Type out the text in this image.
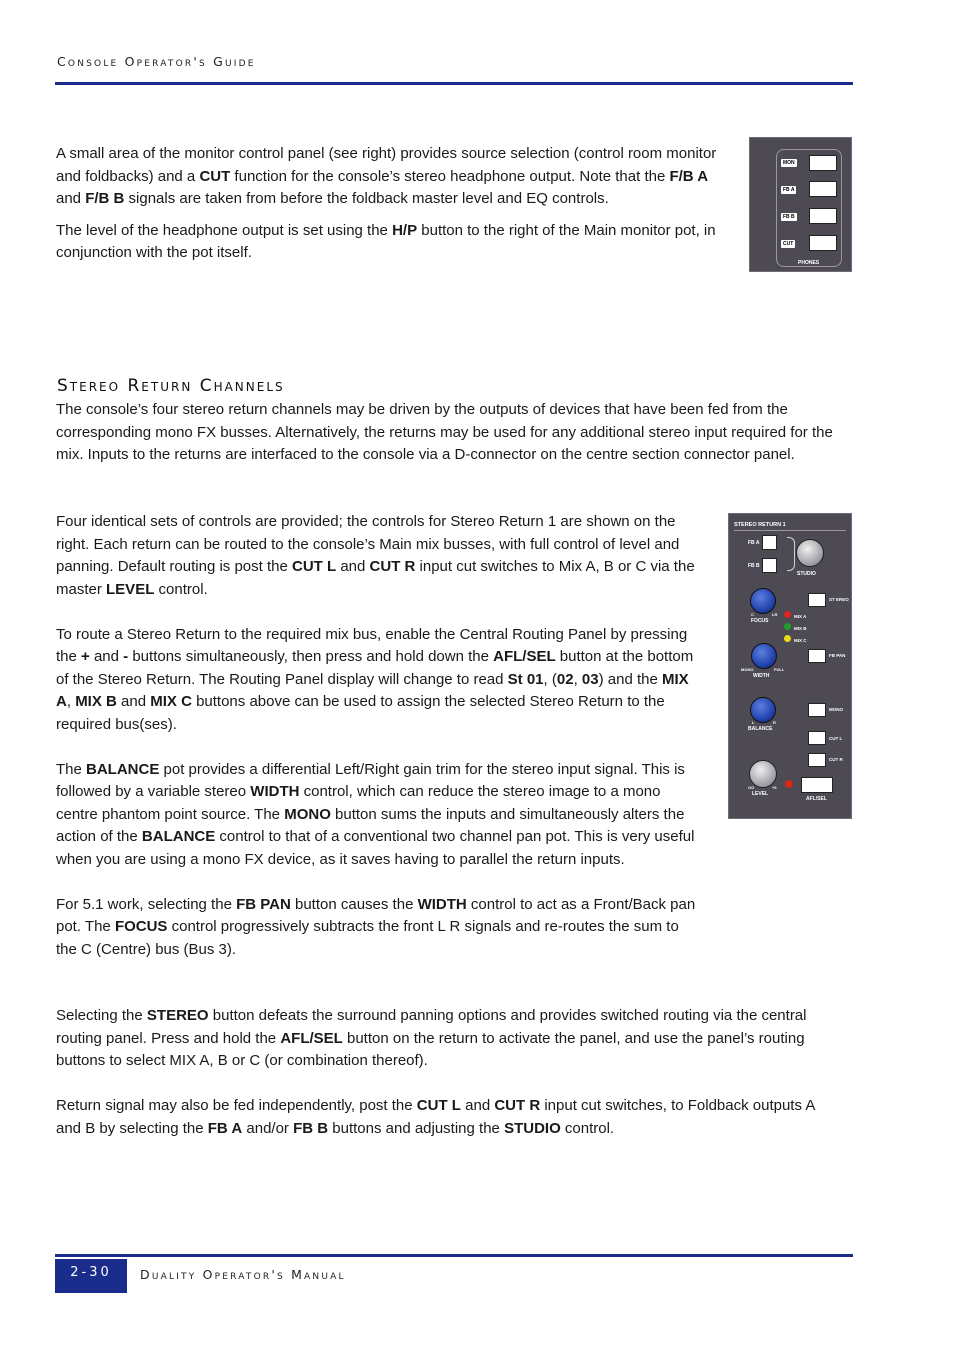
Console Operator's Guide

A small area of the monitor control panel (see right) provides source selection (control room monitor and foldbacks) and a CUT function for the console’s stereo headphone output. Note that the F/B A and F/B B signals are taken from before the foldback master level and EQ controls.

The level of the headphone output is set using the H/P button to the right of the Main monitor pot, in conjunction with the pot itself.

MON
FB A
FB B
CUT
PHONES
Stereo Return Channels

The console’s four stereo return channels may be driven by the outputs of devices that have been fed from the corresponding mono FX busses. Alternatively, the returns may be used for any additional stereo input required for the mix. Inputs to the returns are interfaced to the console via a D-connector on the centre section connector panel.

Four identical sets of controls are provided; the controls for Stereo Return 1 are shown on the right. Each return can be routed to the console’s Main mix busses, with full control of level and panning. Default routing is post the CUT L and CUT R input cut switches to Mix A, B or C via the master LEVEL control.

To route a Stereo Return to the required mix bus, enable the Central Routing Panel by pressing the + and - buttons simultaneously, then press and hold down the AFL/SEL button at the bottom of the Stereo Return. The Routing Panel display will change to read St 01, (02, 03) and the MIX A, MIX B and MIX C buttons above can be used to assign the selected Stereo Return to the required bus(ses).

The BALANCE pot provides a differential Left/Right gain trim for the stereo input signal. This is followed by a variable stereo WIDTH control, which can reduce the stereo image to a mono centre phantom point source. The MONO button sums the inputs and simultaneously alters the action of the BALANCE control to that of a conventional two channel pan pot. This is very useful when you are using a mono FX device, as it saves having to parallel the return inputs.

For 5.1 work, selecting the FB PAN button causes the WIDTH control to act as a Front/Back pan pot. The FOCUS control progressively subtracts the front L R signals and re-routes the sum to the C (Centre) bus (Bus 3).

Selecting the STEREO button defeats the surround panning options and provides switched routing via the central routing panel. Press and hold the AFL/SEL button on the return to activate the panel, and use the panel’s routing buttons to select MIX A, B or C (or combination thereof).

Return signal may also be fed independently, post the CUT L and CUT R input cut switches, to Foldback outputs A and B by selecting the FB A and/or FB B buttons and adjusting the STUDIO control.

STEREO RETURN 1
FB A
FB B
STUDIO
C	LR
FOCUS
ST EREO
MIX A
MIX B
MIX C
MONO	FULL
WIDTH
FB PAN
L	R
BALANCE
MONO
CUT L
CUT R
OO	+6
LEVEL
AFL/SEL
2-30	Duality Operator's Manual
